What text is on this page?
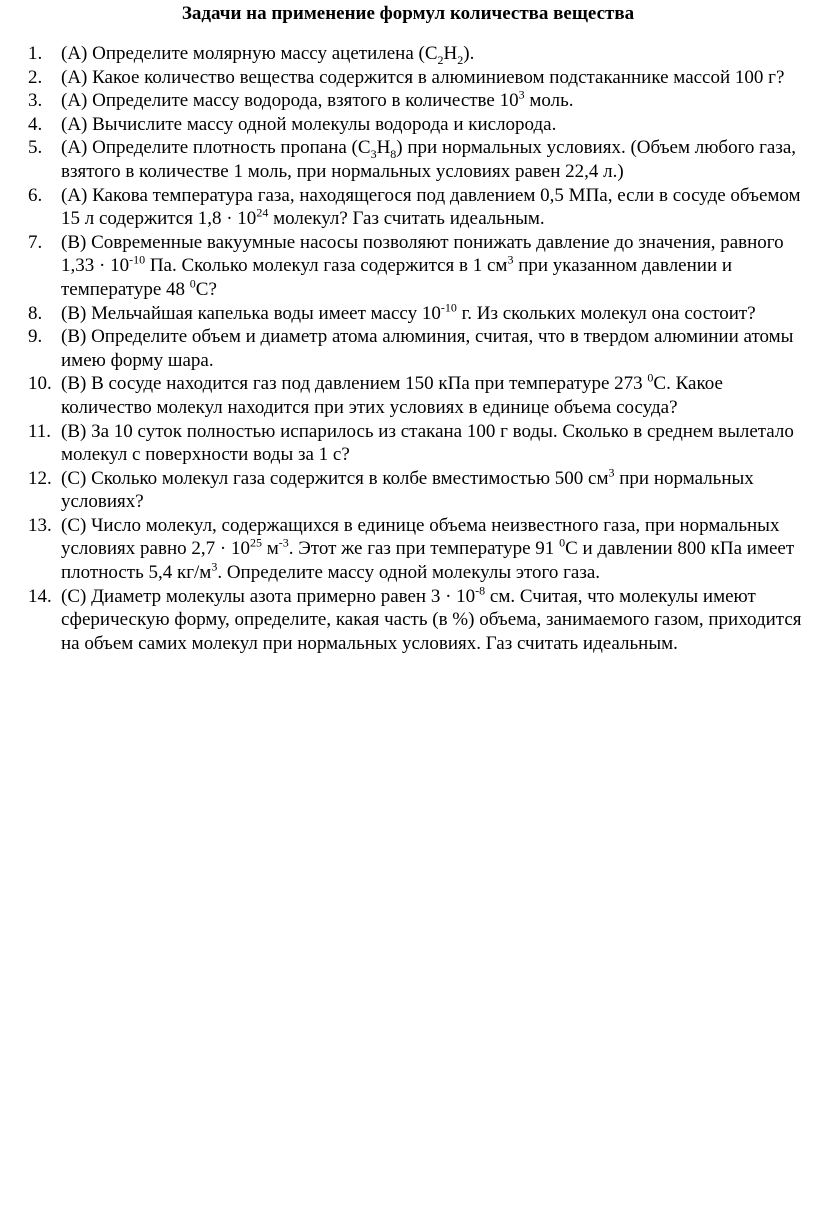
Задачи на применение формул количества вещества
1. (A) Определите молярную массу ацетилена $(C_2H_2)$.
2. (A) Какое количество вещества содержится в алюминиевом подстаканнике массой 100 г?
3. (A) Определите массу водорода, взятого в количестве $10^3$ моль.
4. (A) Вычислите массу одной молекулы водорода и кислорода.
5. (A) Определите плотность пропана $(C_3H_8)$ при нормальных условиях. (Объем любого газа, взятого в количестве 1 моль, при нормальных условиях равен 22,4 л.)
6. (A) Какова температура газа, находящегося под давлением 0,5 МПа, если в сосуде объемом 15 л содержится $1,8 \cdot 10^{24}$ молекул? Газ считать идеальным.
7. (B) Современные вакуумные насосы позволяют понижать давление до значения, равного $1,33 \cdot 10^{-10}$ Па. Сколько молекул газа содержится в 1 $см^3$ при указанном давлении и температуре 48 $^0$C?
8. (B) Мельчайшая капелька воды имеет массу $10^{-10}$ г. Из скольких молекул она состоит?
9. (B) Определите объем и диаметр атома алюминия, считая, что в твердом алюминии атомы имею форму шара.
10. (B) В сосуде находится газ под давлением 150 кПа при температуре 273 $^0$C. Какое количество молекул находится при этих условиях в единице объема сосуда?
11. (B) За 10 суток полностью испарилось из стакана 100 г воды. Сколько в среднем вылетало молекул с поверхности воды за 1 с?
12. (C) Сколько молекул газа содержится в колбе вместимостью 500 $см^3$ при нормальных условиях?
13. (C) Число молекул, содержащихся в единице объема неизвестного газа, при нормальных условиях равно $2,7 \cdot 10^{25}$ $м^{-3}$. Этот же газ при температуре 91 $^0$C и давлении 800 кПа имеет плотность 5,4 $кг/м^3$. Определите массу одной молекулы этого газа.
14. (C) Диаметр молекулы азота примерно равен $3 \cdot 10^{-8}$ см. Считая, что молекулы имеют сферическую форму, определите, какая часть (в %) объема, занимаемого газом, приходится на объем самих молекул при нормальных условиях. Газ считать идеальным.
